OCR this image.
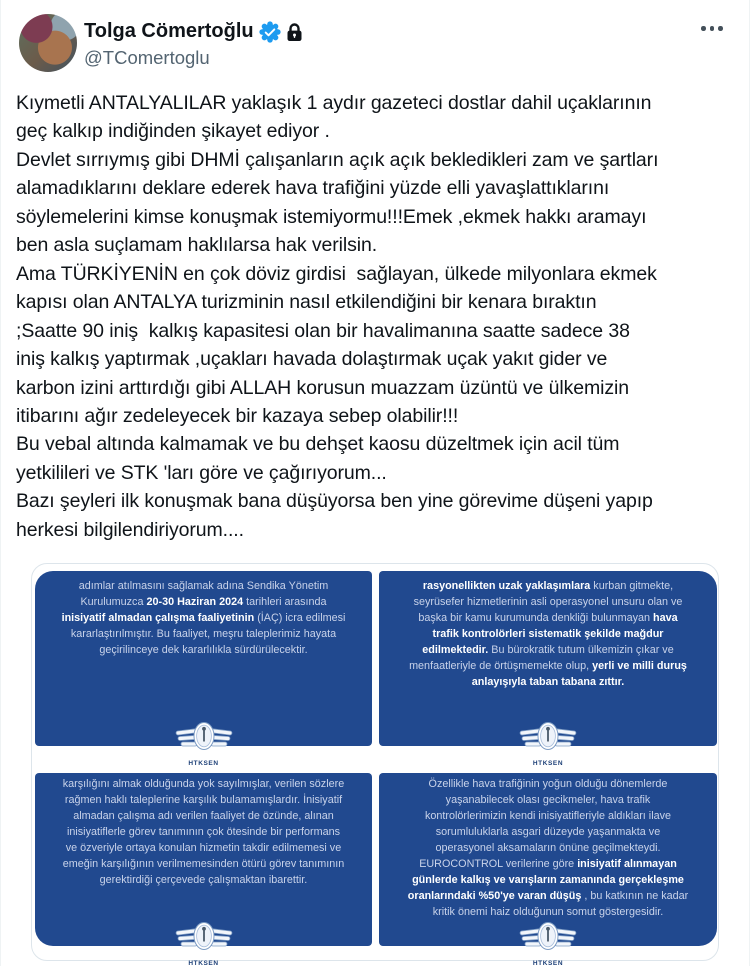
Tolga Cömertoğlu
@TComertoglu
Kıymetli ANTALYALILAR yaklaşık 1 aydır gazeteci dostlar dahil uçaklarının
geç kalkıp indiğinden şikayet ediyor .
Devlet sırrıymış gibi DHMİ çalışanların açık açık bekledikleri zam ve şartları
alamadıklarını deklare ederek hava trafiğini yüzde elli yavaşlattıklarını
söylemelerini kimse konuşmak istemiyormu!!!Emek ,ekmek hakkı aramayı
ben asla suçlamam haklılarsa hak verilsin.
Ama TÜRKİYENİN en çok döviz girdisi  sağlayan, ülkede milyonlara ekmek
kapısı olan ANTALYA turizminin nasıl etkilendiğini bir kenara bıraktın
;Saatte 90 iniş  kalkış kapasitesi olan bir havalimanına saatte sadece 38
iniş kalkış yaptırmak ,uçakları havada dolaştırmak uçak yakıt gider ve
karbon izini arttırdığı gibi ALLAH korusun muazzam üzüntü ve ülkemizin
itibarını ağır zedeleyecek bir kazaya sebep olabilir!!!
Bu vebal altında kalmamak ve bu dehşet kaosu düzeltmek için acil tüm
yetkilileri ve STK 'ları göre ve çağırıyorum...
Bazı şeyleri ilk konuşmak bana düşüyorsa ben yine görevime düşeni yapıp
herkesi bilgilendiriyorum....
adımlar atılmasını sağlamak adına Sendika Yönetim
Kurulumuzca 20-30 Haziran 2024 tarihleri arasında
inisiyatif almadan çalışma faaliyetinin (İAÇ) icra edilmesi
kararlaştırılmıştır. Bu faaliyet, meşru taleplerimiz hayata
geçirilinceye dek kararlılıkla sürdürülecektir.
HTKSEN
rasyonellikten uzak yaklaşımlara kurban gitmekte,
seyrüsefer hizmetlerinin asli operasyonel unsuru olan ve
başka bir kamu kurumunda denkliği bulunmayan hava
trafik kontrolörleri sistematik şekilde mağdur
edilmektedir. Bu bürokratik tutum ülkemizin çıkar ve
menfaatleriyle de örtüşmemekte olup, yerli ve milli duruş
anlayışıyla taban tabana zıttır.
HTKSEN
karşılığını almak olduğunda yok sayılmışlar, verilen sözlere
rağmen haklı taleplerine karşılık bulamamışlardır. İnisiyatif
almadan çalışma adı verilen faaliyet de özünde, alınan
inisiyatiflerle görev tanımının çok ötesinde bir performans
ve özveriyle ortaya konulan hizmetin takdir edilmemesi ve
emeğin karşılığının verilmemesinden ötürü görev tanımının
gerektirdiği çerçevede çalışmaktan ibarettir.
HTKSEN
Özellikle hava trafiğinin yoğun olduğu dönemlerde
yaşanabilecek olası gecikmeler, hava trafik
kontrolörlerimizin kendi inisiyatifleriyle aldıkları ilave
sorumluluklarla asgari düzeyde yaşanmakta ve
operasyonel aksamaların önüne geçilmekteydi.
EUROCONTROL verilerine göre inisiyatif alınmayan
günlerde kalkış ve varışların zamanında gerçekleşme
oranlarındaki %50'ye varan düşüş , bu katkının ne kadar
kritik önemi haiz olduğunun somut göstergesidir.
HTKSEN
